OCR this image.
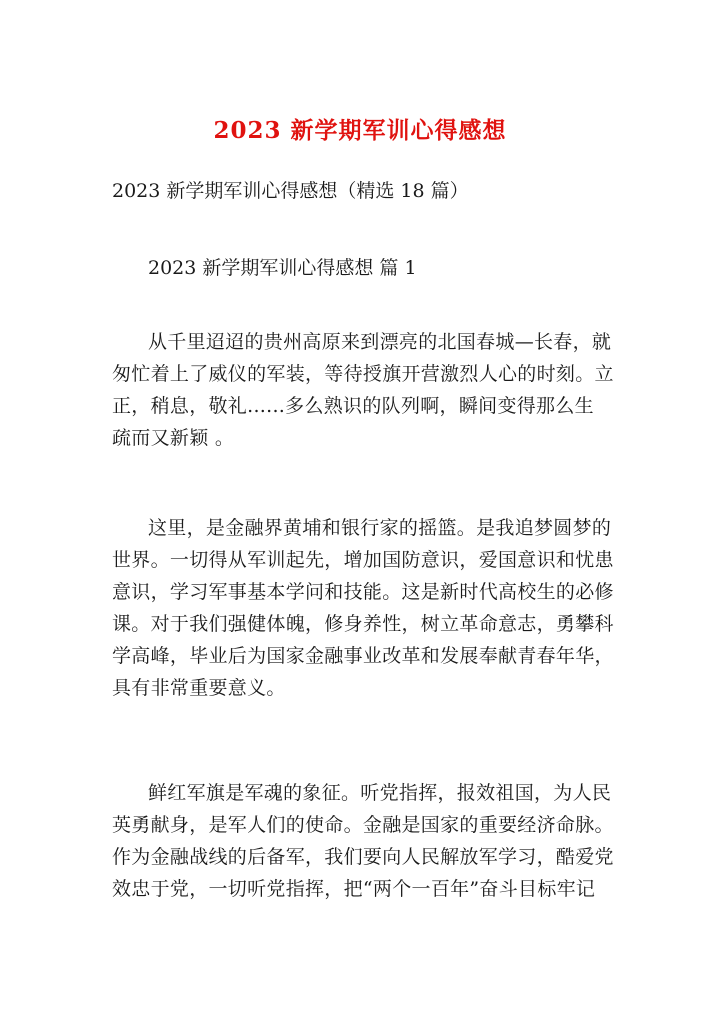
2023 新学期军训心得感想
2023 新学期军训心得感想（精选 18 篇）
2023 新学期军训心得感想 篇 1
从千里迢迢的贵州高原来到漂亮的北国春城—长春，就
匆忙着上了威仪的军装，等待授旗开营激烈人心的时刻。立
正，稍息，敬礼......多么熟识的队列啊，瞬间变得那么生
疏而又新颖 。
这里，是金融界黄埔和银行家的摇篮。是我追梦圆梦的
世界。一切得从军训起先，增加国防意识，爱国意识和忧患
意识，学习军事基本学问和技能。这是新时代高校生的必修
课。对于我们强健体魄，修身养性，树立革命意志，勇攀科
学高峰，毕业后为国家金融事业改革和发展奉献青春年华，
具有非常重要意义。
鲜红军旗是军魂的象征。听党指挥，报效祖国，为人民
英勇献身，是军人们的使命。金融是国家的重要经济命脉。
作为金融战线的后备军，我们要向人民解放军学习，酷爱党
效忠于党，一切听党指挥，把“两个一百年”奋斗目标牢记
